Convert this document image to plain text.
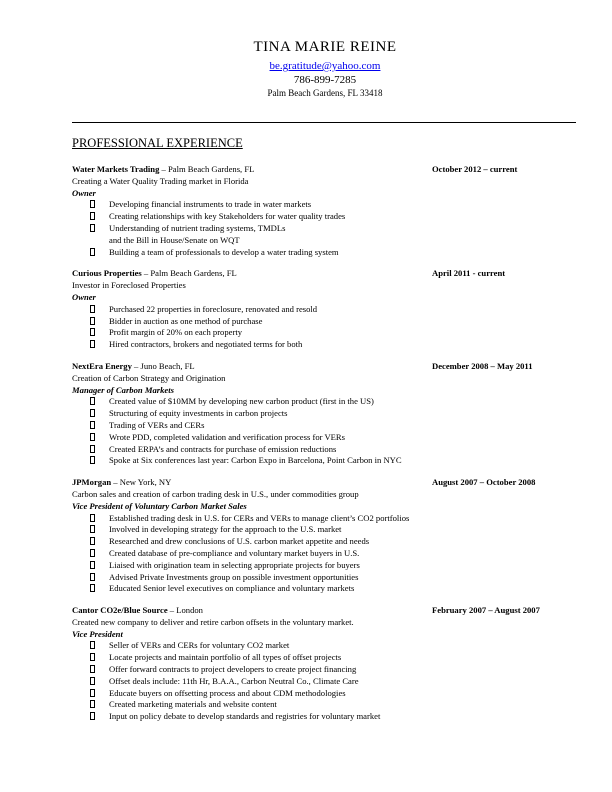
TINA MARIE REINE
be.gratitude@yahoo.com
786-899-7285
Palm Beach Gardens, FL 33418
PROFESSIONAL EXPERIENCE
Water Markets Trading – Palm Beach Gardens, FL	October 2012 – current
Creating a Water Quality Trading market in Florida
Owner
Developing financial instruments to trade in water markets
Creating relationships with key Stakeholders for water quality trades
Understanding of nutrient trading systems, TMDLs
and the Bill in House/Senate on WQT
Building a team of professionals to develop a water trading system
Curious Properties – Palm Beach Gardens, FL	April 2011 - current
Investor in Foreclosed Properties
Owner
Purchased 22 properties in foreclosure, renovated and resold
Bidder in auction as one method of purchase
Profit margin of 20% on each property
Hired contractors, brokers and negotiated terms for both
NextEra Energy – Juno Beach, FL	December 2008 – May 2011
Creation of Carbon Strategy and Origination
Manager of Carbon Markets
Created value of $10MM by developing new carbon product (first in the US)
Structuring of equity investments in carbon projects
Trading of VERs and CERs
Wrote PDD, completed validation and verification process for VERs
Created ERPA’s and contracts for purchase of emission reductions
Spoke at Six conferences last year: Carbon Expo in Barcelona, Point Carbon in NYC
JPMorgan – New York, NY	August 2007 – October 2008
Carbon sales and creation of carbon trading desk in U.S., under commodities group
Vice President of Voluntary Carbon Market Sales
Established trading desk in U.S. for CERs and VERs to manage client’s CO2 portfolios
Involved in developing strategy for the approach to the U.S. market
Researched and drew conclusions of U.S. carbon market appetite and needs
Created database of pre-compliance and voluntary market buyers in U.S.
Liaised with origination team in selecting appropriate projects for buyers
Advised Private Investments group on possible investment opportunities
Educated Senior level executives on compliance and voluntary markets
Cantor CO2e/Blue Source – London	February 2007 – August 2007
Created new company to deliver and retire carbon offsets in the voluntary market.
Vice President
Seller of VERs and CERs for voluntary CO2 market
Locate projects and maintain portfolio of all types of offset projects
Offer forward contracts to project developers to create project financing
Offset deals include: 11th Hr, B.A.A., Carbon Neutral Co., Climate Care
Educate buyers on offsetting process and about CDM methodologies
Created marketing materials and website content
Input on policy debate to develop standards and registries for voluntary market
